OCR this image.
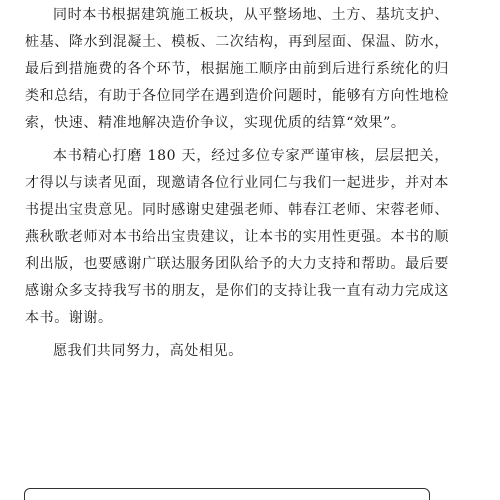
同时本书根据建筑施工板块，从平整场地、土方、基坑支护、桩基、降水到混凝土、模板、二次结构，再到屋面、保温、防水，最后到措施费的各个环节，根据施工顺序由前到后进行系统化的归类和总结，有助于各位同学在遇到造价问题时，能够有方向性地检索，快速、精准地解决造价争议，实现优质的结算“效果”。

本书精心打磨 180 天，经过多位专家严谨审核，层层把关，才得以与读者见面，现邀请各位行业同仁与我们一起进步，并对本书提出宝贵意见。同时感谢史建强老师、韩春江老师、宋蓉老师、燕秋歌老师对本书给出宝贵建议，让本书的实用性更强。本书的顺利出版，也要感谢广联达服务团队给予的大力支持和帮助。最后要感谢众多支持我写书的朋友，是你们的支持让我一直有动力完成这本书。谢谢。

愿我们共同努力，高处相见。
